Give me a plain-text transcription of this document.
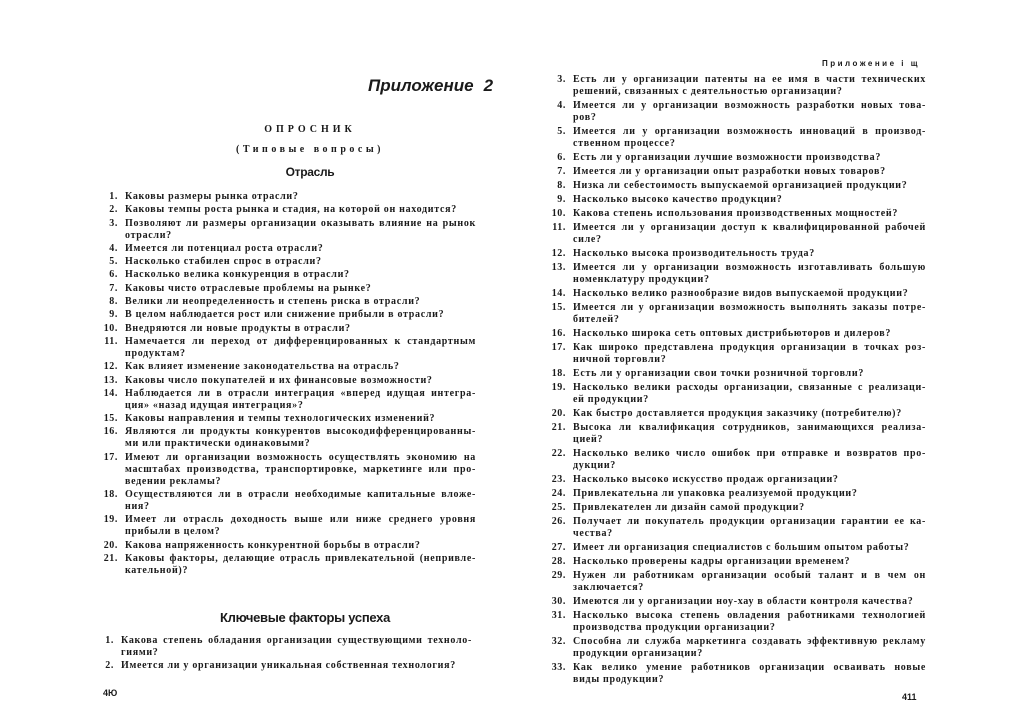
Приложение 2
ОПРОСНИК
(Типовые вопросы)
Отрасль
1. Каковы размеры рынка отрасли?
2. Каковы темпы роста рынка и стадия, на которой он находится?
3. Позволяют ли размеры организации оказывать влияние на рынок
отрасли?
4. Имеется ли потенциал роста отрасли?
5. Насколько стабилен спрос в отрасли?
6. Насколько велика конкуренция в отрасли?
7. Каковы чисто отраслевые проблемы на рынке?
8. Велики ли неопределенность и степень риска в отрасли?
9. В целом наблюдается рост или снижение прибыли в отрасли?
10. Внедряются ли новые продукты в отрасли?
11. Намечается ли переход от дифференцированных к стандартным
продуктам?
12. Как влияет изменение законодательства на отрасль?
13. Каковы число покупателей и их финансовые возможности?
14. Наблюдается ли в отрасли интеграция «вперед идущая интегра-
ция» «назад идущая интеграция»?
15. Каковы направления и темпы технологических изменений?
16. Являются ли продукты конкурентов высокодифференцированны-
ми или практически одинаковыми?
17. Имеют ли организации возможность осуществлять экономию на
масштабах производства, транспортировке, маркетинге или про-
ведении рекламы?
18. Осуществляются ли в отрасли необходимые капитальные вложе-
ния?
19. Имеет ли отрасль доходность выше или ниже среднего уровня
прибыли в целом?
20. Какова напряженность конкурентной борьбы в отрасли?
21. Каковы факторы, делающие отрасль привлекательной (непривле-
кательной)?
Ключевые факторы успеха
1. Какова степень обладания организации существующими техноло-
гиями?
2. Имеется ли у организации уникальная собственная технология?
4Ю
Приложение і щ
3. Есть ли у организации патенты на ее имя в части технических
решений, связанных с деятельностью организации?
4. Имеется ли у организации возможность разработки новых това-
ров?
5. Имеется ли у организации возможность инноваций в производ-
ственном процессе?
6. Есть ли у организации лучшие возможности производства?
7. Имеется ли у организации опыт разработки новых товаров?
8. Низка ли себестоимость выпускаемой организацией продукции?
9. Насколько высоко качество продукции?
10. Какова степень использования производственных мощностей?
11. Имеется ли у организации доступ к квалифицированной рабочей
силе?
12. Насколько высока производительность труда?
13. Имеется ли у организации возможность изготавливать большую
номенклатуру продукции?
14. Насколько велико разнообразие видов выпускаемой продукции?
15. Имеется ли у организации возможность выполнять заказы потре-
бителей?
16. Насколько широка сеть оптовых дистрибьюторов и дилеров?
17. Как широко представлена продукция организации в точках роз-
ничной торговли?
18. Есть ли у организации свои точки розничной торговли?
19. Насколько велики расходы организации, связанные с реализаци-
ей продукции?
20. Как быстро доставляется продукция заказчику (потребителю)?
21. Высока ли квалификация сотрудников, занимающихся реализа-
цией?
22. Насколько велико число ошибок при отправке и возвратов про-
дукции?
23. Насколько высоко искусство продаж организации?
24. Привлекательна ли упаковка реализуемой продукции?
25. Привлекателен ли дизайн самой продукции?
26. Получает ли покупатель продукции организации гарантии ее ка-
чества?
27. Имеет ли организация специалистов с большим опытом работы?
28. Насколько проверены кадры организации временем?
29. Нужен ли работникам организации особый талант и в чем он
заключается?
30. Имеются ли у организации ноу-хау в области контроля качества?
31. Насколько высока степень овладения работниками технологией
производства продукции организации?
32. Способна ли служба маркетинга создавать эффективную рекламу
продукции организации?
33. Как велико умение работников организации осваивать новые
виды продукции?
411
